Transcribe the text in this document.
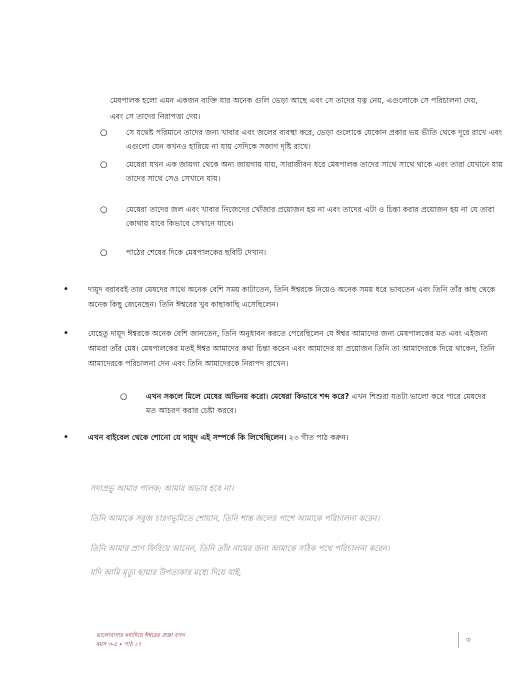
মেষপালক হলো এমন একজন ব্যক্তি যার অনেক গুলি ভেড়া আছে এবং সে তাদের যত্ন নেয়, এগুলোকে সে পরিচালনা দেয়, এবং সে তাদের নিরাপত্তা দেয়।

○ সে যথেষ্ট পরিমানে তাদের জন্য খাবার এবং জলের ব্যবস্থা করে, ভেড়া গুলোকে যেকোন প্রকার ভয় ভীতি থেকে দূরে রাখে এবং এগুলো যেন কখনও হারিয়ে না যায় সেদিকে সজাগ দৃষ্টি রাখে।
○ মেষেরা যখন এক জায়গা থেকে অন্য জায়গায় যায়, সারাজীবন ধরে মেষপালক তাদের সাথে সাথে থাকে এবং তারা যেখানে যায় তাদের সাথে সেও সেখানে যায়।
○ মেষেরা তাদের জল এবং খাবার নিজেদের খোঁজার প্রয়োজন হয় না এবং তাদের এটা ও চিন্তা করার প্রয়োজন হয় না যে তারা কোথায় যাবে কিভাবে সেখানে যাবে।
○ পাঠের শেষের দিকে মেষপালকের ছবিটি দেখান।
•	দায়ূদ বরাবরই তার মেষদের সাথে অনেক বেশি সময় কাটাতেন, তিনি ঈশ্বরকে নিয়েও অনেক সময় ধরে ভাবতেন এবং তিনি তাঁর কাছ থেকে অনেক কিছু জেনেছেন। তিনি ঈশ্বরের খুব কাছাকাছি এসেছিলেন।
•	যেহেতু দায়ূদ ঈশ্বরকে অনেক বেশি জানতেন, তিনি অনুধাবন করতে পেরেছিলেন যে ঈশ্বর আমাদের জন্য মেষপালকের মত এবং এইজন্য আমরা তাঁর মেষ। মেষপালকের মতই ঈশ্বর আমাদের কথা চিন্তা করেন এবং আমাদের যা প্রয়োজন তিনি তা আমাদেরকে দিয়ে থাকেন, তিনি আমাদেরকে পরিচালনা দেন এবং তিনি আমাদেরকে নিরাপদ রাখেন।
○ এখন সকলে মিলে মেষের অভিনয় করো। মেষেরা কিভাবে শব্দ করে? এখন শিশুরা যতটা ভালো করে পারে মেষদের মত আচরণ করার চেষ্টা করবে।
•	এখন বাইবেল থেকে শোনো যে দায়ূদ এই সম্পর্কে কি লিখেছিলেন। ২৩ গীত পাঠ করুন।

সদাপ্রভু আমার পালক; আমার অভাব হবে না।

তিনি আমাকে সবুজ চারণভূমিতে শোয়ান, তিনি শান্ত জলের পাশে আমাকে পরিচালনা করেন।

তিনি আমার প্রাণ ফিরিয়ে আনেন, তিনি তাঁর নামের জন্য আমাকে সঠিক পথে পরিচালনা করেন।

যদি আমি মৃত্যু ছায়ার উপত্যকার মধ্যে দিয়ে যাই,

ভালোবাসার মধ্যদিয়ে ঈশ্বরের প্রজ্ঞা বপন
বয়স ৩-৫ • পাঠ ১৭
৩
